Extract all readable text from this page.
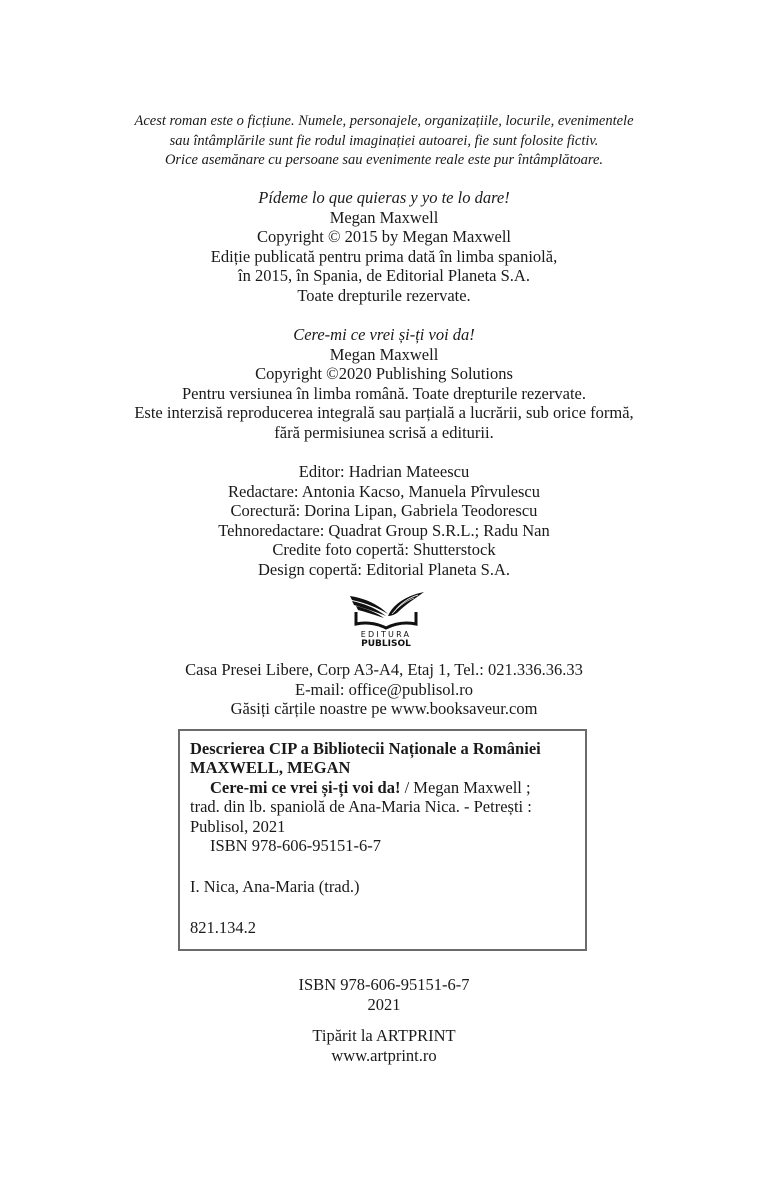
Acest roman este o ficțiune. Numele, personajele, organizațiile, locurile, evenimentele
sau întâmplările sunt fie rodul imaginației autoarei, fie sunt folosite fictiv.
Orice asemănare cu persoane sau evenimente reale este pur întâmplătoare.
Pídeme lo que quieras y yo te lo dare!
Megan Maxwell
Copyright © 2015 by Megan Maxwell
Ediție publicată pentru prima dată în limba spaniolă,
în 2015, în Spania, de Editorial Planeta S.A.
Toate drepturile rezervate.
Cere-mi ce vrei și-ți voi da!
Megan Maxwell
Copyright ©2020 Publishing Solutions
Pentru versiunea în limba română. Toate drepturile rezervate.
Este interzisă reproducerea integrală sau parțială a lucrării, sub orice formă,
fără permisiunea scrisă a editurii.
Editor: Hadrian Mateescu
Redactare: Antonia Kacso, Manuela Pîrvulescu
Corectură: Dorina Lipan, Gabriela Teodorescu
Tehnoredactare: Quadrat Group S.R.L.; Radu Nan
Credite foto copertă: Shutterstock
Design copertă: Editorial Planeta S.A.
EDITURA
PUBLISOL
Casa Presei Libere, Corp A3-A4, Etaj 1, Tel.: 021.336.36.33
E-mail: office@publisol.ro
Găsiți cărțile noastre pe www.booksaveur.com
Descrierea CIP a Bibliotecii Naționale a României
MAXWELL, MEGAN
Cere-mi ce vrei și-ți voi da! / Megan Maxwell ;
trad. din lb. spaniolă de Ana-Maria Nica. - Petrești :
Publisol, 2021
ISBN 978-606-95151-6-7
I. Nica, Ana-Maria (trad.)
821.134.2
ISBN 978-606-95151-6-7
2021
Tipărit la ARTPRINT
www.artprint.ro
